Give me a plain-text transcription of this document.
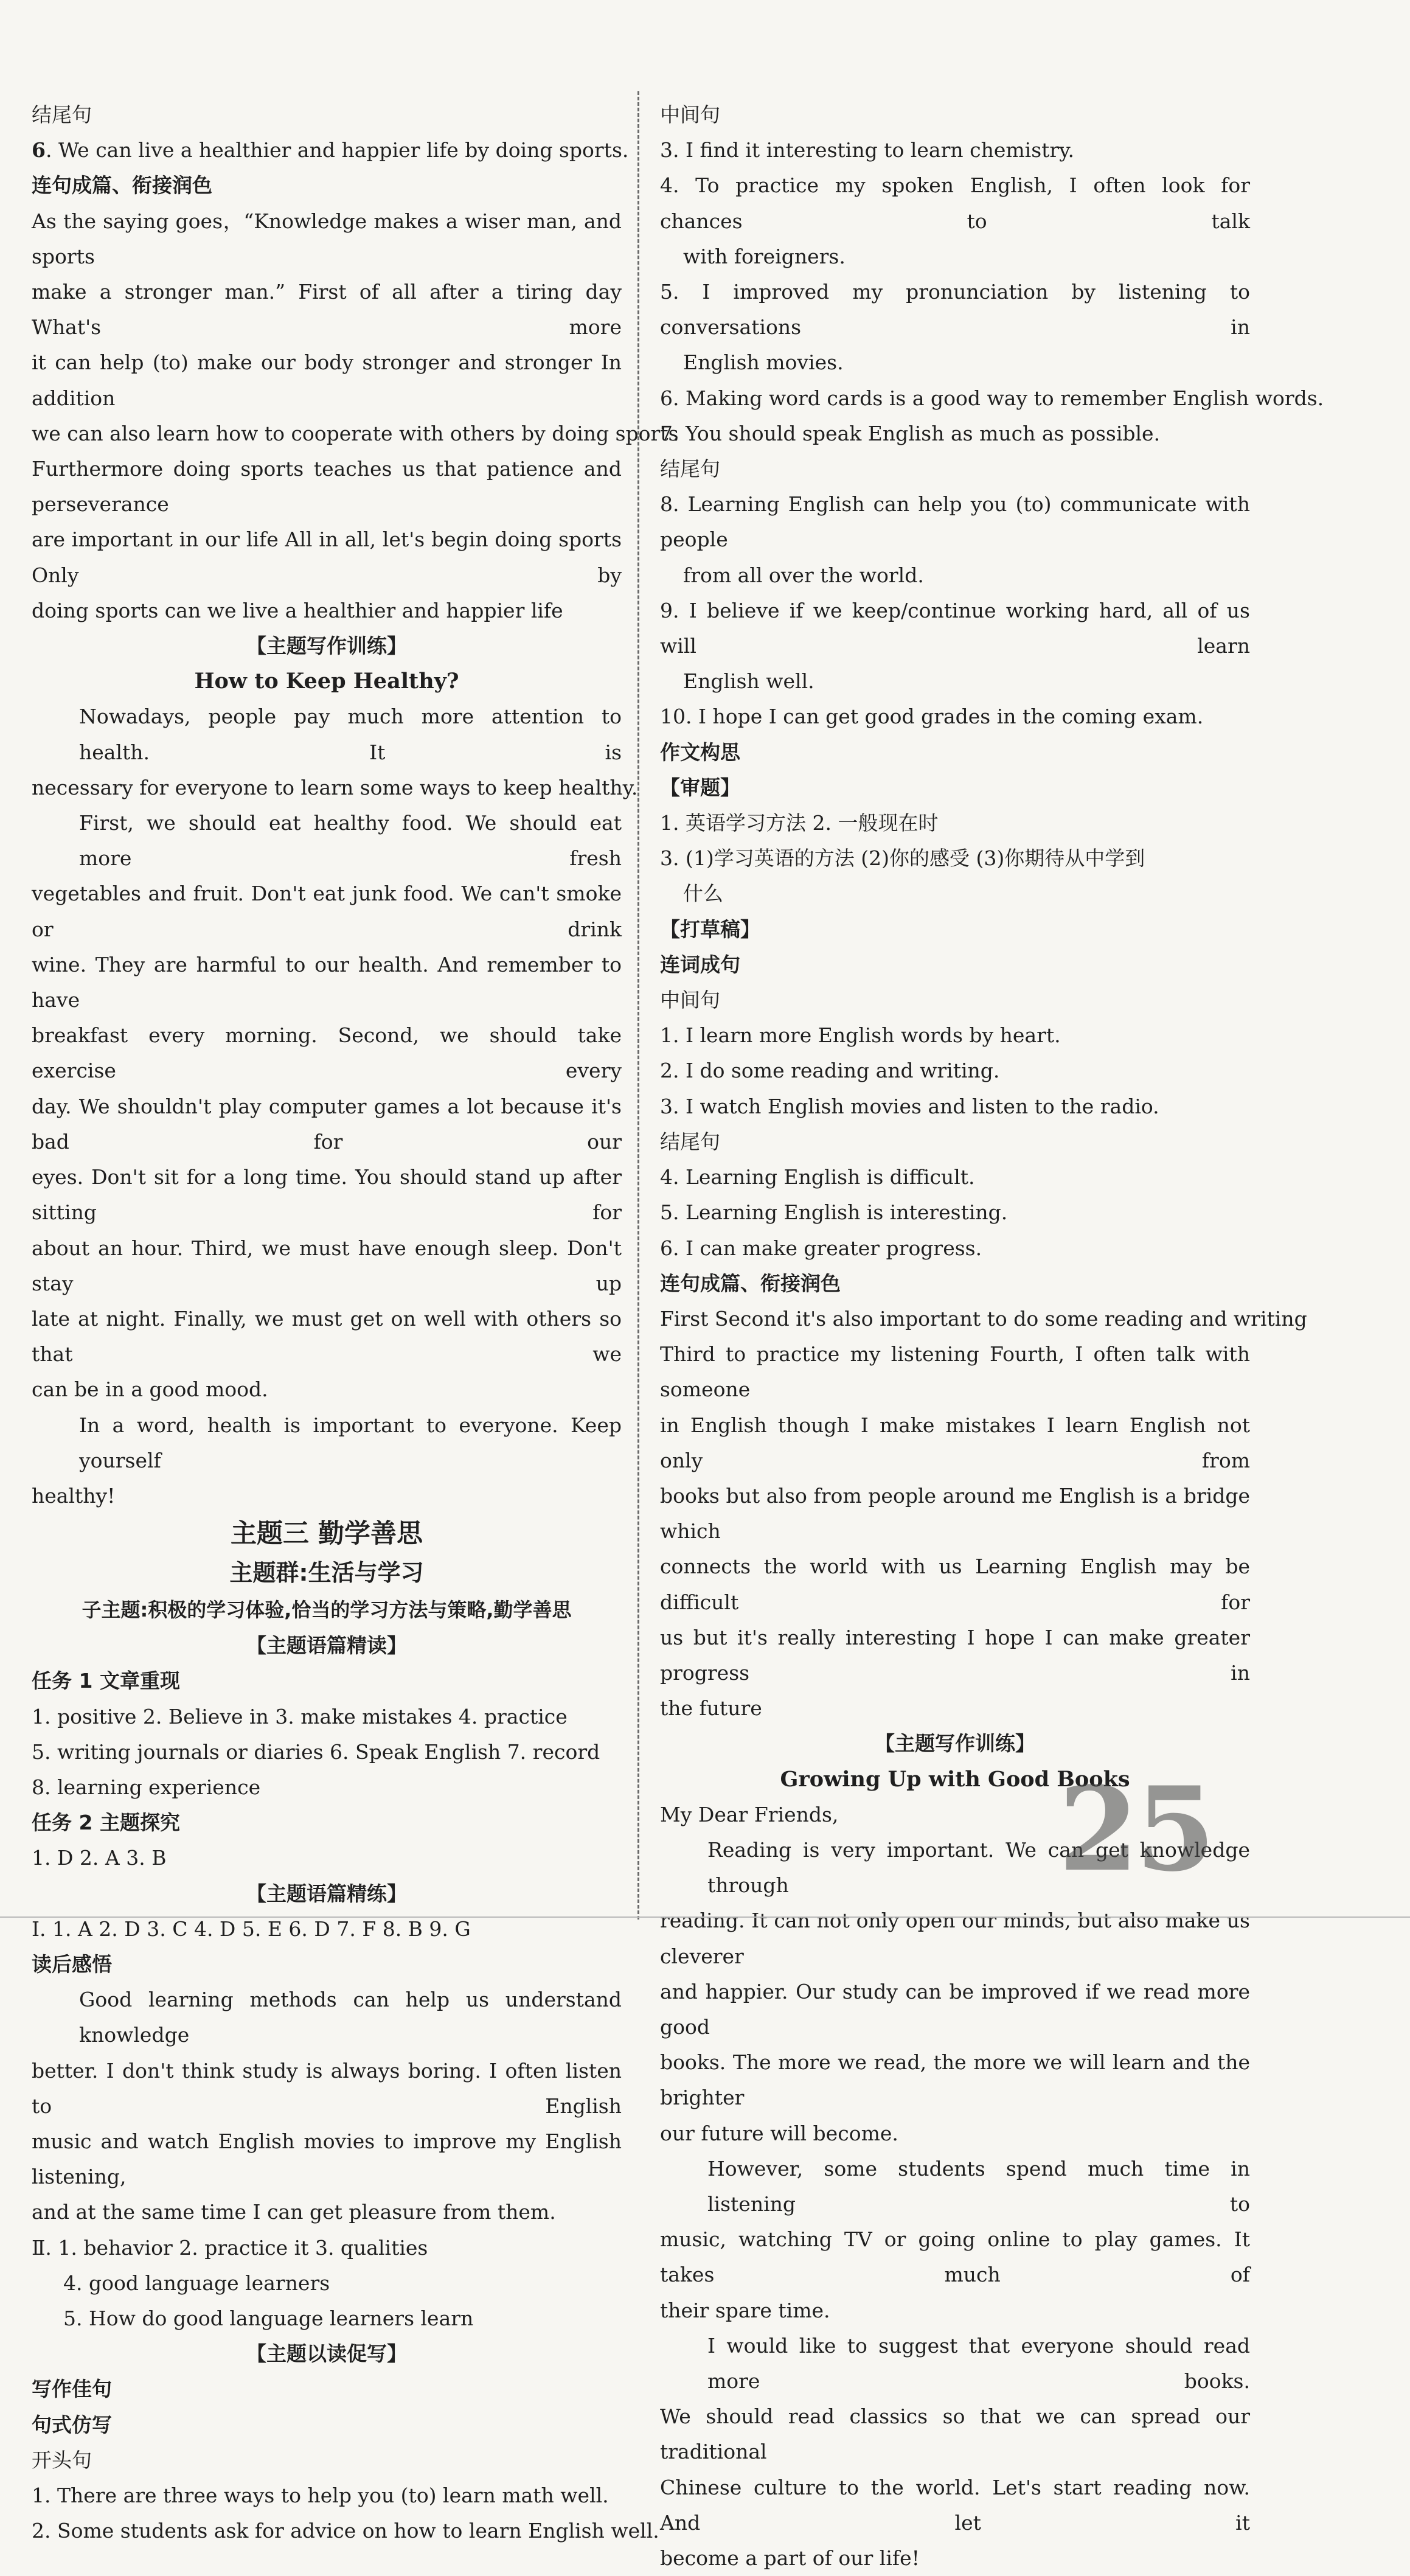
结尾句
6. We can live a healthier and happier life by doing sports.
连句成篇、衔接润色
As the saying goes，“Knowledge makes a wiser man, and sports
make a stronger man.” First of all after a tiring day What's more
it can help (to) make our body stronger and stronger In addition
we can also learn how to cooperate with others by doing sports
Furthermore doing sports teaches us that patience and perseverance
are important in our life All in all, let's begin doing sports Only by
doing sports can we live a healthier and happier life
【主题写作训练】
How to Keep Healthy?
Nowadays, people pay much more attention to health. It is
necessary for everyone to learn some ways to keep healthy.
First, we should eat healthy food. We should eat more fresh
vegetables and fruit. Don't eat junk food. We can't smoke or drink
wine. They are harmful to our health. And remember to have
breakfast every morning. Second, we should take exercise every
day. We shouldn't play computer games a lot because it's bad for our
eyes. Don't sit for a long time. You should stand up after sitting for
about an hour. Third, we must have enough sleep. Don't stay up
late at night. Finally, we must get on well with others so that we
can be in a good mood.
In a word, health is important to everyone. Keep yourself
healthy!
主题三 勤学善思
主题群:生活与学习
子主题:积极的学习体验,恰当的学习方法与策略,勤学善思
【主题语篇精读】
任务 1 文章重现
1. positive 2. Believe in 3. make mistakes 4. practice
5. writing journals or diaries 6. Speak English 7. record
8. learning experience
任务 2 主题探究
1. D 2. A 3. B
【主题语篇精练】
Ⅰ. 1. A 2. D 3. C 4. D 5. E 6. D 7. F 8. B 9. G
读后感悟
Good learning methods can help us understand knowledge
better. I don't think study is always boring. I often listen to English
music and watch English movies to improve my English listening,
and at the same time I can get pleasure from them.
Ⅱ. 1. behavior 2. practice it 3. qualities
4. good language learners
5. How do good language learners learn
【主题以读促写】
写作佳句
句式仿写
开头句
1. There are three ways to help you (to) learn math well.
2. Some students ask for advice on how to learn English well.
中间句
3. I find it interesting to learn chemistry.
4. To practice my spoken English, I often look for chances to talk
with foreigners.
5. I improved my pronunciation by listening to conversations in
English movies.
6. Making word cards is a good way to remember English words.
7. You should speak English as much as possible.
结尾句
8. Learning English can help you (to) communicate with people
from all over the world.
9. I believe if we keep/continue working hard, all of us will learn
English well.
10. I hope I can get good grades in the coming exam.
作文构思
【审题】
1. 英语学习方法 2. 一般现在时
3. (1)学习英语的方法 (2)你的感受 (3)你期待从中学到
什么
【打草稿】
连词成句
中间句
1. I learn more English words by heart.
2. I do some reading and writing.
3. I watch English movies and listen to the radio.
结尾句
4. Learning English is difficult.
5. Learning English is interesting.
6. I can make greater progress.
连句成篇、衔接润色
First Second it's also important to do some reading and writing
Third to practice my listening Fourth, I often talk with someone
in English though I make mistakes I learn English not only from
books but also from people around me English is a bridge which
connects the world with us Learning English may be difficult for
us but it's really interesting I hope I can make greater progress in
the future
【主题写作训练】
Growing Up with Good Books
My Dear Friends,
Reading is very important. We can get knowledge through
reading. It can not only open our minds, but also make us cleverer
and happier. Our study can be improved if we read more good
books. The more we read, the more we will learn and the brighter
our future will become.
However, some students spend much time in listening to
music, watching TV or going online to play games. It takes much of
their spare time.
I would like to suggest that everyone should read more books.
We should read classics so that we can spread our traditional
Chinese culture to the world. Let's start reading now. And let it
become a part of our life!
25
